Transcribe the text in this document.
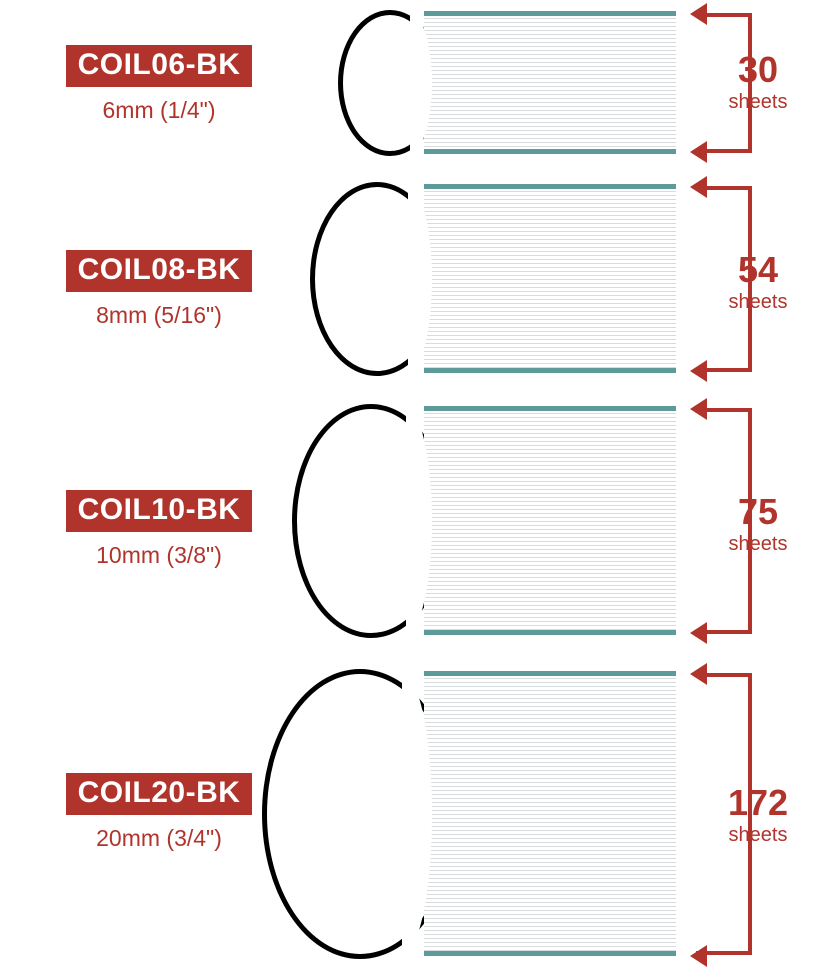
COIL06-BK
6mm (1/4")
30
sheets
COIL08-BK
8mm (5/16")
54
sheets
COIL10-BK
10mm (3/8")
75
sheets
COIL20-BK
20mm (3/4")
172
sheets
